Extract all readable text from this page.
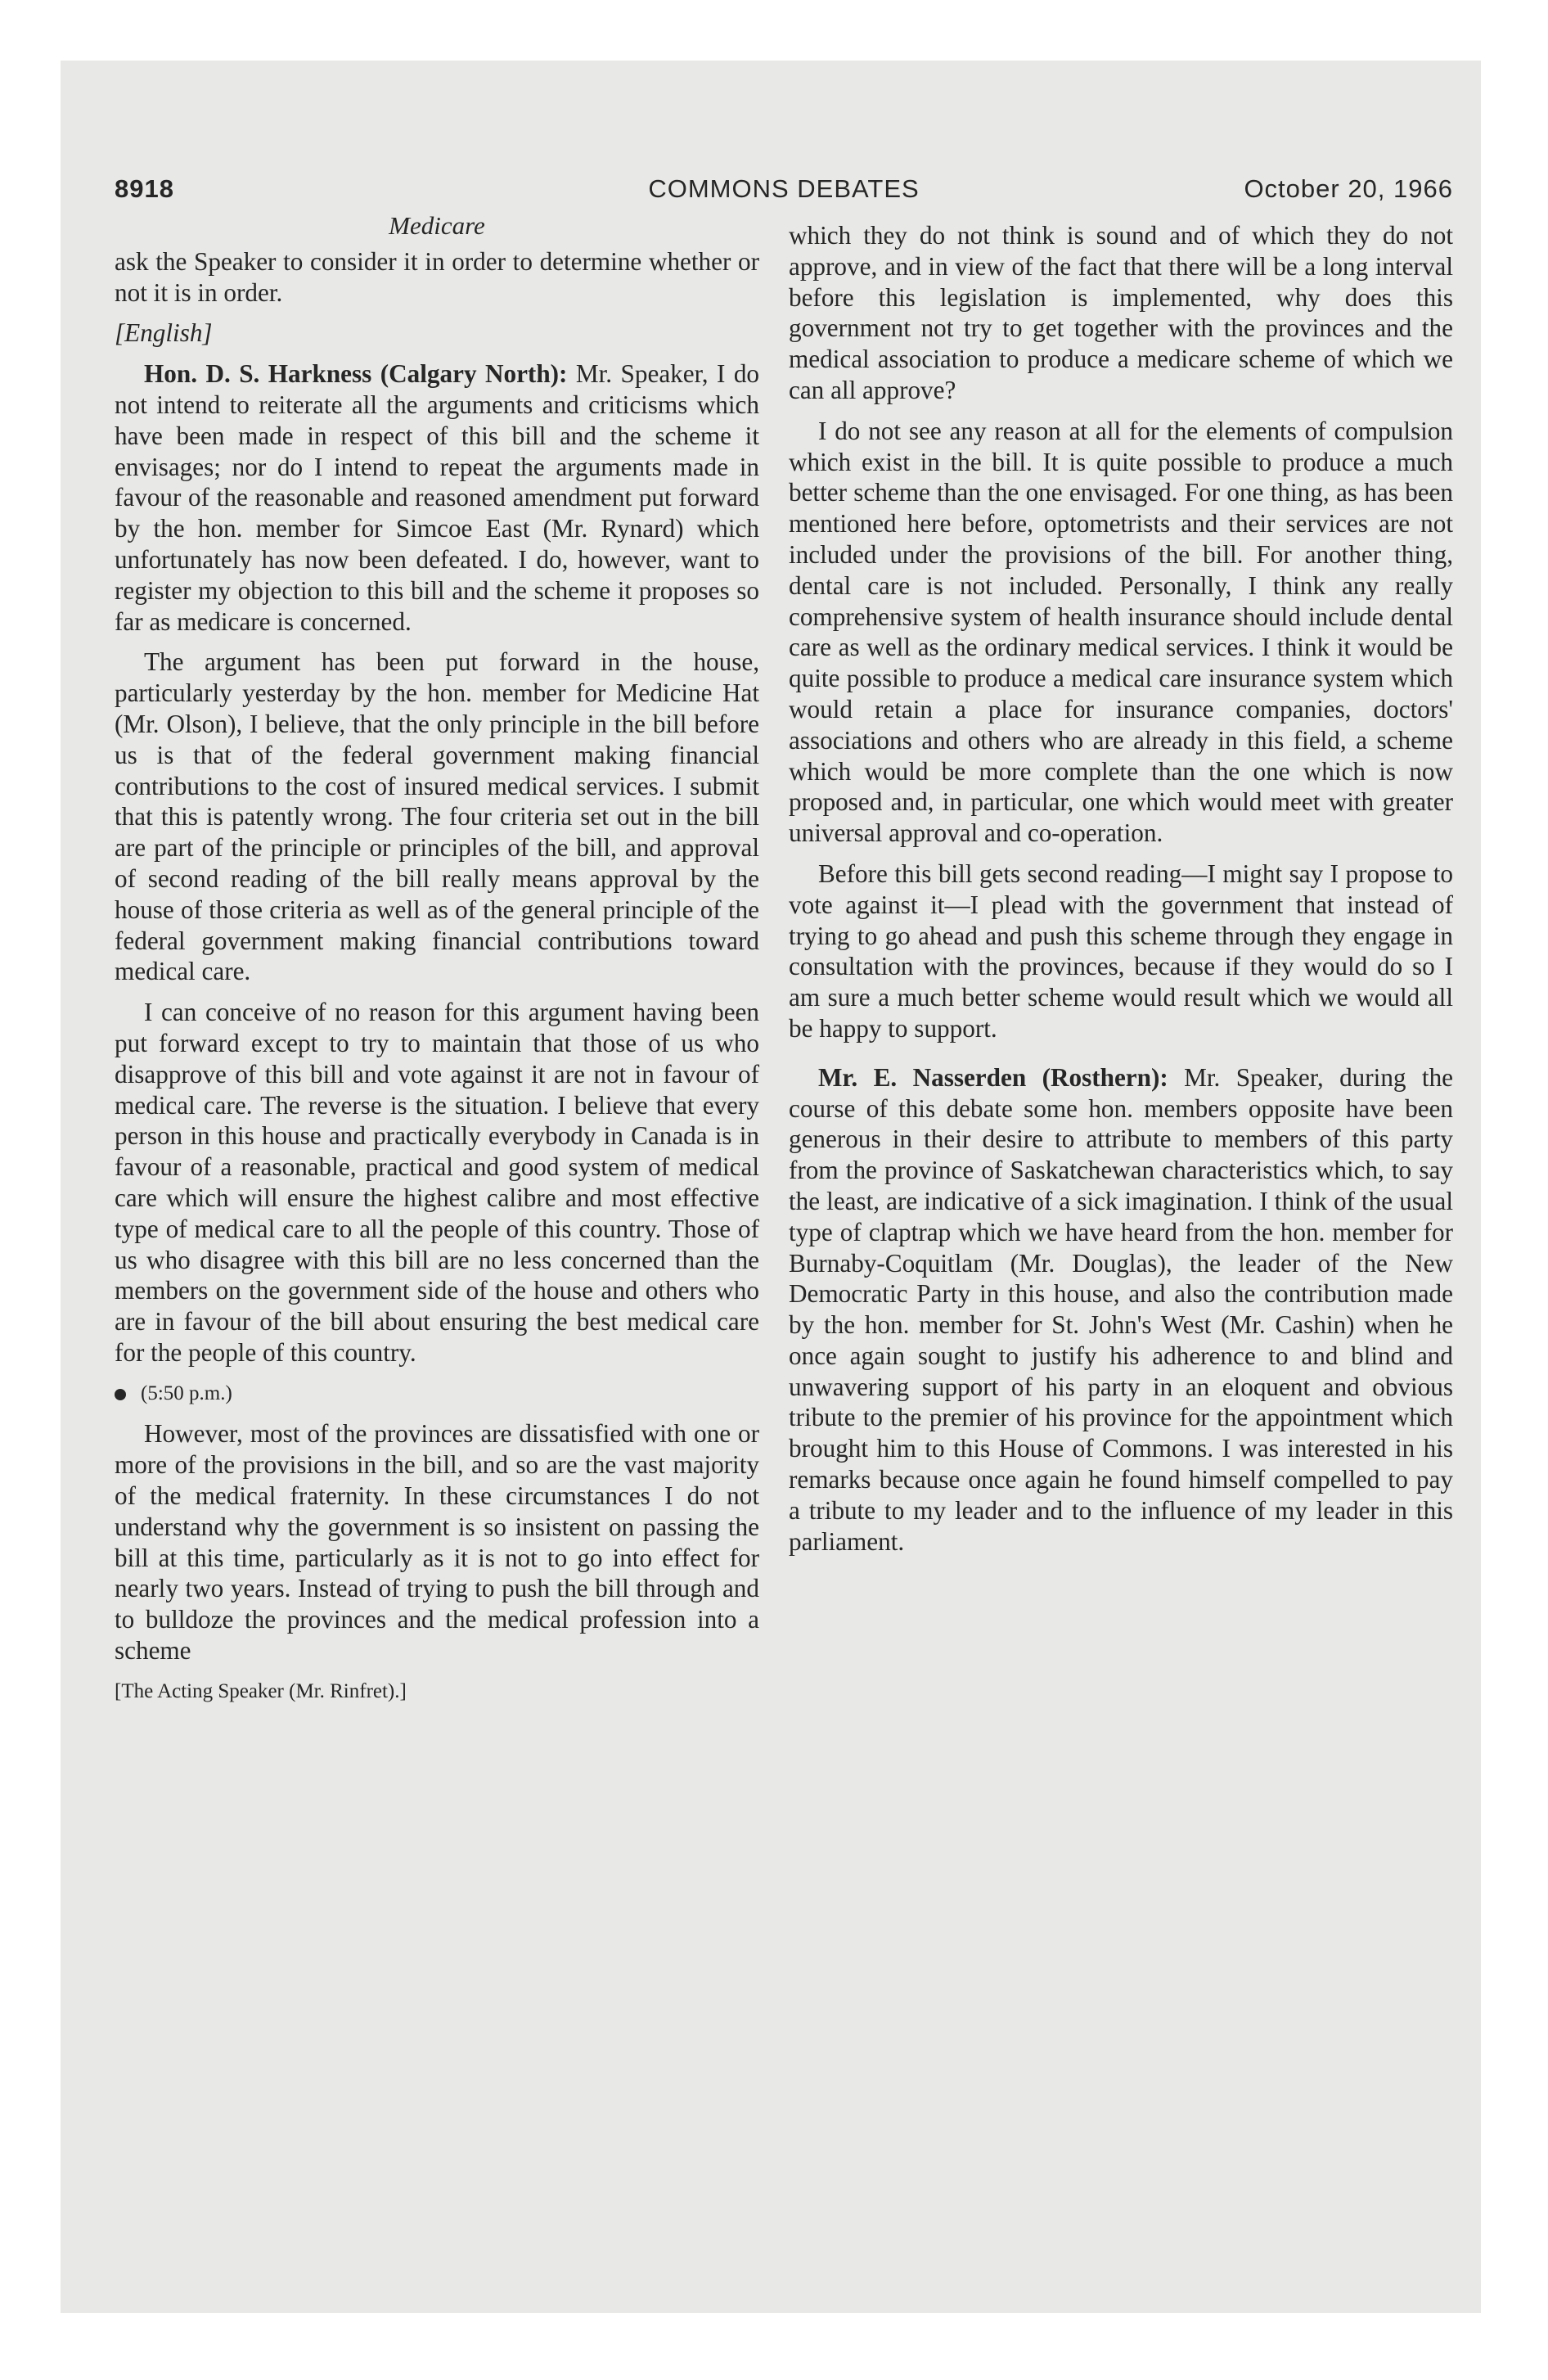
8918	COMMONS DEBATES	October 20, 1966
Medicare

ask the Speaker to consider it in order to determine whether or not it is in order.

[English]

Hon. D. S. Harkness (Calgary North): Mr. Speaker, I do not intend to reiterate all the arguments and criticisms which have been made in respect of this bill and the scheme it envisages; nor do I intend to repeat the arguments made in favour of the reasonable and reasoned amendment put forward by the hon. member for Simcoe East (Mr. Rynard) which unfortunately has now been defeated. I do, however, want to register my objection to this bill and the scheme it proposes so far as medicare is concerned.

The argument has been put forward in the house, particularly yesterday by the hon. member for Medicine Hat (Mr. Olson), I believe, that the only principle in the bill before us is that of the federal government making financial contributions to the cost of insured medical services. I submit that this is patently wrong. The four criteria set out in the bill are part of the principle or principles of the bill, and approval of second reading of the bill really means approval by the house of those criteria as well as of the general principle of the federal government making financial contributions toward medical care.

I can conceive of no reason for this argument having been put forward except to try to maintain that those of us who disapprove of this bill and vote against it are not in favour of medical care. The reverse is the situation. I believe that every person in this house and practically everybody in Canada is in favour of a reasonable, practical and good system of medical care which will ensure the highest calibre and most effective type of medical care to all the people of this country. Those of us who disagree with this bill are no less concerned than the members on the government side of the house and others who are in favour of the bill about ensuring the best medical care for the people of this country.

(5:50 p.m.)

However, most of the provinces are dissatisfied with one or more of the provisions in the bill, and so are the vast majority of the medical fraternity. In these circumstances I do not understand why the government is so insistent on passing the bill at this time, particularly as it is not to go into effect for nearly two years. Instead of trying to push the bill through and to bulldoze the provinces and the medical profession into a scheme

[The Acting Speaker (Mr. Rinfret).]

which they do not think is sound and of which they do not approve, and in view of the fact that there will be a long interval before this legislation is implemented, why does this government not try to get together with the provinces and the medical association to produce a medicare scheme of which we can all approve?

I do not see any reason at all for the elements of compulsion which exist in the bill. It is quite possible to produce a much better scheme than the one envisaged. For one thing, as has been mentioned here before, optometrists and their services are not included under the provisions of the bill. For another thing, dental care is not included. Personally, I think any really comprehensive system of health insurance should include dental care as well as the ordinary medical services. I think it would be quite possible to produce a medical care insurance system which would retain a place for insurance companies, doctors' associations and others who are already in this field, a scheme which would be more complete than the one which is now proposed and, in particular, one which would meet with greater universal approval and co-operation.

Before this bill gets second reading—I might say I propose to vote against it—I plead with the government that instead of trying to go ahead and push this scheme through they engage in consultation with the provinces, because if they would do so I am sure a much better scheme would result which we would all be happy to support.

Mr. E. Nasserden (Rosthern): Mr. Speaker, during the course of this debate some hon. members opposite have been generous in their desire to attribute to members of this party from the province of Saskatchewan characteristics which, to say the least, are indicative of a sick imagination. I think of the usual type of claptrap which we have heard from the hon. member for Burnaby-Coquitlam (Mr. Douglas), the leader of the New Democratic Party in this house, and also the contribution made by the hon. member for St. John's West (Mr. Cashin) when he once again sought to justify his adherence to and blind and unwavering support of his party in an eloquent and obvious tribute to the premier of his province for the appointment which brought him to this House of Commons. I was interested in his remarks because once again he found himself compelled to pay a tribute to my leader and to the influence of my leader in this parliament.
